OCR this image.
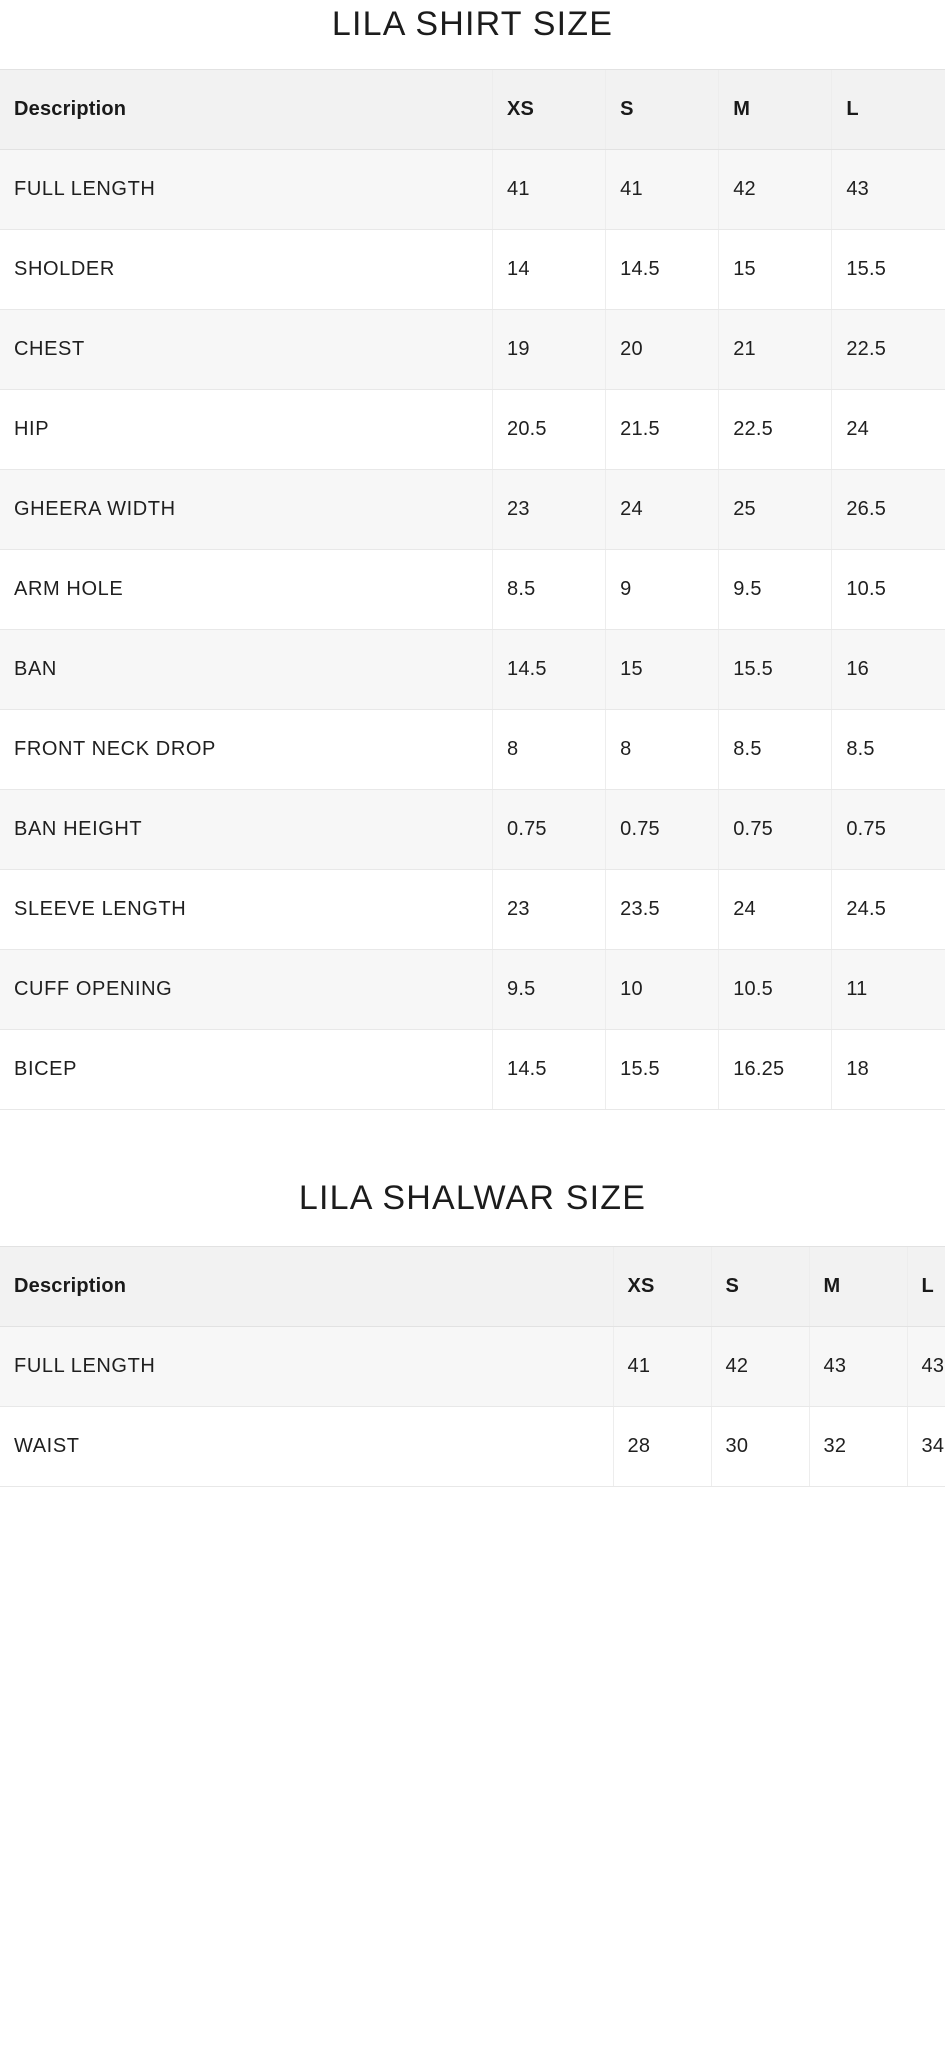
LILA SHIRT SIZE
Description	XS	S	M	L
FULL LENGTH	41	41	42	43
SHOLDER	14	14.5	15	15.5
CHEST	19	20	21	22.5
HIP	20.5	21.5	22.5	24
GHEERA WIDTH	23	24	25	26.5
ARM HOLE	8.5	9	9.5	10.5
BAN	14.5	15	15.5	16
FRONT NECK DROP	8	8	8.5	8.5
BAN HEIGHT	0.75	0.75	0.75	0.75
SLEEVE LENGTH	23	23.5	24	24.5
CUFF OPENING	9.5	10	10.5	11
BICEP	14.5	15.5	16.25	18
LILA SHALWAR SIZE
Description	XS	S	M	L
FULL LENGTH	41	42	43	43
WAIST	28	30	32	34
